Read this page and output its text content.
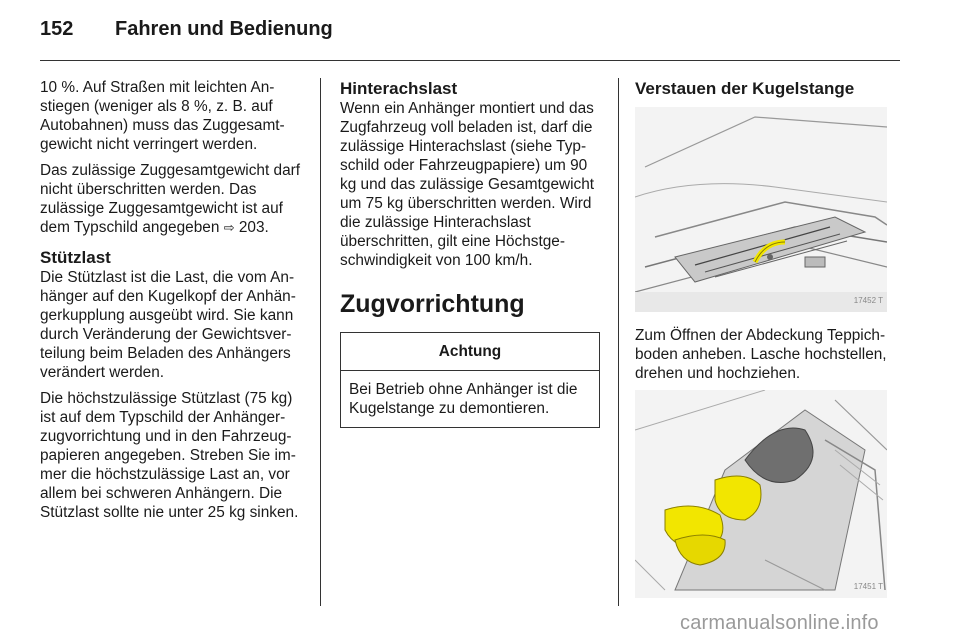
152	Fahren und Bedienung

10 %. Auf Straßen mit leichten Anstiegen (weniger als 8 %, z. B. auf Autobahnen) muss das Zuggesamtgewicht nicht verringert werden.

Das zulässige Zuggesamtgewicht darf nicht überschritten werden. Das zulässige Zuggesamtgewicht ist auf dem Typschild angegeben ⇨ 203.

Stützlast

Die Stützlast ist die Last, die vom Anhänger auf den Kugelkopf der Anhängerkupplung ausgeübt wird. Sie kann durch Veränderung der Gewichtsverteilung beim Beladen des Anhängers verändert werden.

Die höchstzulässige Stützlast (75 kg) ist auf dem Typschild der Anhängerzugvorrichtung und in den Fahrzeugpapieren angegeben. Streben Sie immer die höchstzulässige Last an, vor allem bei schweren Anhängern. Die Stützlast sollte nie unter 25 kg sinken.

Hinterachslast

Wenn ein Anhänger montiert und das Zugfahrzeug voll beladen ist, darf die zulässige Hinterachslast (siehe Typschild oder Fahrzeugpapiere) um 90 kg und das zulässige Gesamtgewicht um 75 kg überschritten werden. Wird die zulässige Hinterachslast überschritten, gilt eine Höchstgeschwindigkeit von 100 km/h.

Zugvorrichtung
Achtung
Bei Betrieb ohne Anhänger ist die Kugelstange zu demontieren.
Verstauen der Kugelstange
17452 T

Zum Öffnen der Abdeckung Teppichboden anheben. Lasche hochstellen, drehen und hochziehen.

17451 T
carmanualsonline.info
